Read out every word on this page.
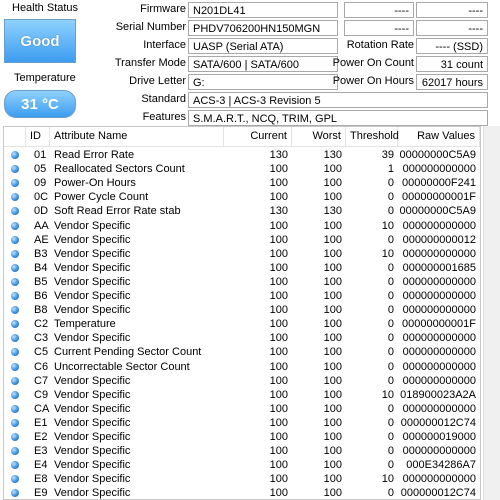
Health Status
Good
Temperature
31 °C
Firmware N201DL41
Serial Number PHDV706200HN150MGN
Interface UASP (Serial ATA)
Transfer Mode SATA/600 | SATA/600
Drive Letter G:
----	----
----	----
Rotation Rate	---- (SSD)
Power On Count	31 count
Power On Hours 62017 hours
Standard ACS-3 | ACS-3 Revision 5
Features S.M.A.R.T., NCQ, TRIM, GPL
ID	Attribute Name	Current	Worst Threshold	Raw Values
01 Read Error Rate	130	130	39 00000000C5A9
05 Reallocated Sectors Count	100	100	1 000000000000
09 Power-On Hours	100	100	0 00000000F241
0C Power Cycle Count	100	100	0 00000000001F
0D Soft Read Error Rate stab	130	130	0 00000000C5A9
AA Vendor Specific	100	100	10 000000000000
AE Vendor Specific	100	100	0 000000000012
B3 Vendor Specific	100	100	10 000000000000
B4 Vendor Specific	100	100	0 000000001685
B5 Vendor Specific	100	100	0 000000000000
B6 Vendor Specific	100	100	0 000000000000
B8 Vendor Specific	100	100	0 000000000000
C2 Temperature	100	100	0 00000000001F
C3 Vendor Specific	100	100	0 000000000000
C5 Current Pending Sector Count	100	100	0 000000000000
C6 Uncorrectable Sector Count	100	100	0 000000000000
C7 Vendor Specific	100	100	0 000000000000
C9 Vendor Specific	100	100	10 018900023A2A
CA Vendor Specific	100	100	0 000000000000
E1 Vendor Specific	100	100	0 000000012C74
E2 Vendor Specific	100	100	0 000000019000
E3 Vendor Specific	100	100	0 000000000000
E4 Vendor Specific	100	100	0	000E34286A7
E8 Vendor Specific	100	100	10 000000000000
E9 Vendor Specific	100	100	0 000000012C74
